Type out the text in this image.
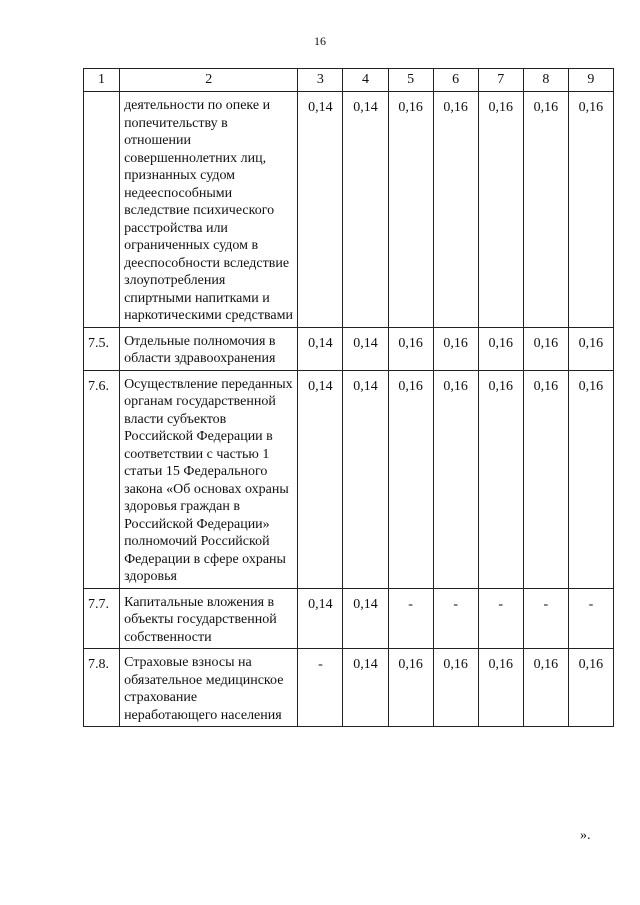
16
1	2	3	4	5	6	7	8	9
	деятельности по опеке и попечительству в отношении совершеннолетних лиц, признанных судом недееспособными вследствие психического расстройства или ограниченных судом в дееспособности вследствие злоупотребления спиртными напитками и наркотическими средствами	0,14	0,14	0,16	0,16	0,16	0,16	0,16
7.5.	Отдельные полномочия в области здравоохранения	0,14	0,14	0,16	0,16	0,16	0,16	0,16
7.6.	Осуществление переданных органам государственной власти субъектов Российской Федерации в соответствии с частью 1 статьи 15 Федерального закона «Об основах охраны здоровья граждан в Российской Федерации» полномочий Российской Федерации в сфере охраны здоровья	0,14	0,14	0,16	0,16	0,16	0,16	0,16
7.7.	Капитальные вложения в объекты государственной собственности	0,14	0,14	-	-	-	-	-
7.8.	Страховые взносы на обязательное медицинское страхование неработающего населения	-	0,14	0,16	0,16	0,16	0,16	0,16
».
